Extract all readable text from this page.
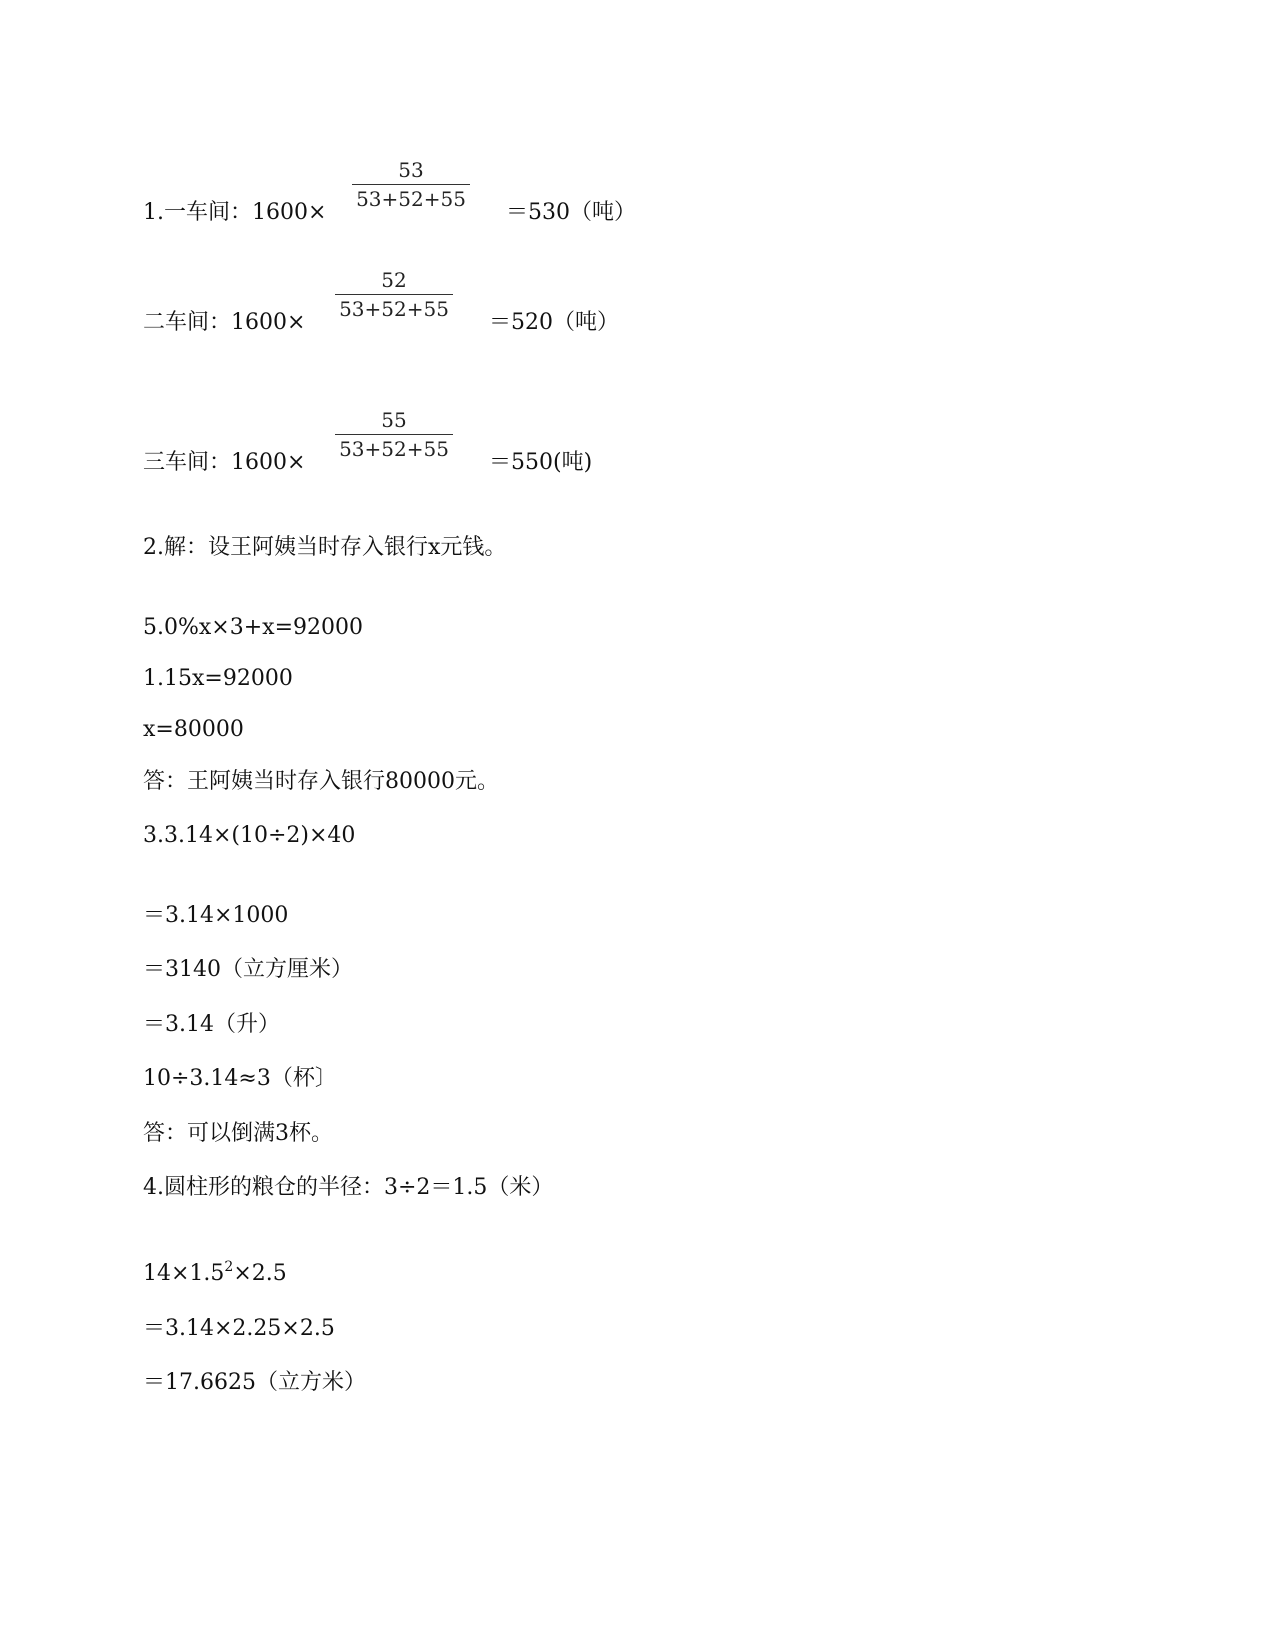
1.一车间：1600×
53
53+52+55
＝530（吨）
二车间：1600×
52
53+52+55
＝520（吨）
三车间：1600×
55
53+52+55
＝550(吨)
2.解：设王阿姨当时存入银行x元钱。
5.0%x×3+x=92000
1.15x=92000
x=80000
答：王阿姨当时存入银行80000元。
3.3.14×(10÷2)×40
＝3.14×1000
＝3140（立方厘米）
＝3.14（升）
10÷3.14≈3（杯〕
答：可以倒满3杯。
4.圆柱形的粮仓的半径：3÷2＝1.5（米）
$14\times 1.5^2\times 2.5$
＝3.14×2.25×2.5
＝17.6625（立方米）
